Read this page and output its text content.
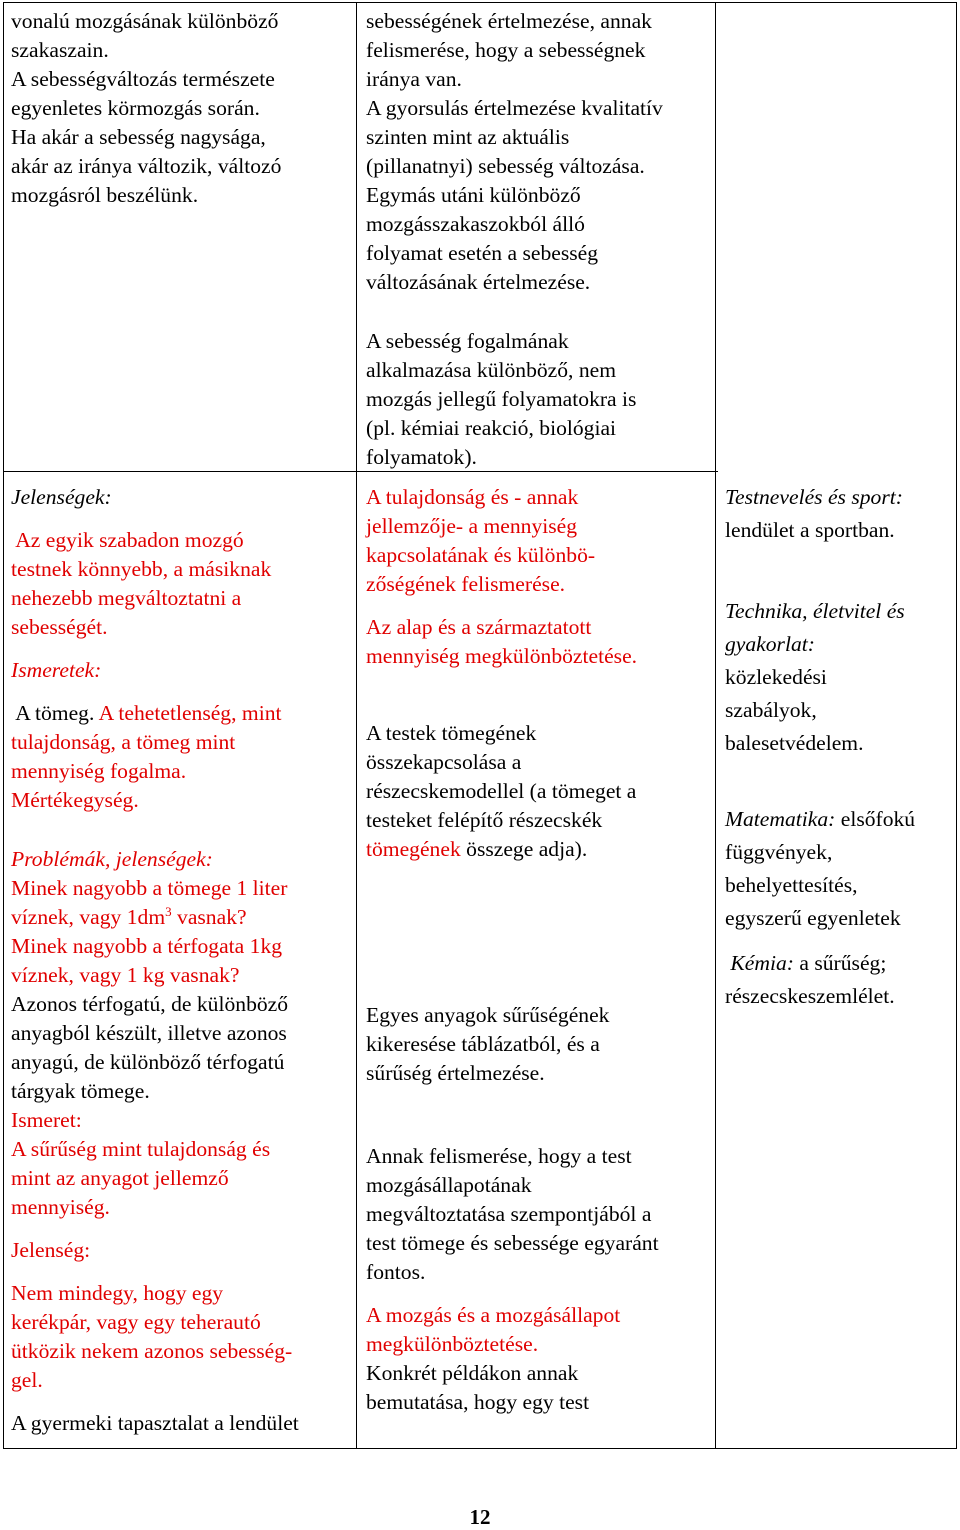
vonalú mozgásának különböző

szakaszain.

A sebességváltozás természete

egyenletes körmozgás során.

Ha akár a sebesség nagysága,

akár az iránya változik, változó

mozgásról beszélünk.

sebességének értelmezése, annak

felismerése, hogy a sebességnek

iránya van.

A gyorsulás értelmezése kvalitatív

szinten mint az aktuális

(pillanatnyi) sebesség változása.

Egymás utáni különböző

mozgásszakaszokból álló

folyamat esetén a sebesség

változásának értelmezése.

A sebesség fogalmának

alkalmazása különböző, nem

mozgás jellegű folyamatokra is

(pl. kémiai reakció, biológiai

folyamatok).

Jelenségek:

Az egyik szabadon mozgó

testnek könnyebb, a másiknak

nehezebb megváltoztatni a

sebességét.

Ismeretek:

A tömeg. A tehetetlenség, mint

tulajdonság, a tömeg mint

mennyiség fogalma.

Mértékegység.

Problémák, jelenségek:

Minek nagyobb a tömege 1 liter

víznek, vagy $1dm^3$ vasnak?

Minek nagyobb a térfogata 1kg

víznek, vagy 1 kg vasnak?

Azonos térfogatú, de különböző

anyagból készült, illetve azonos

anyagú, de különböző térfogatú

tárgyak tömege.

Ismeret:

A sűrűség mint tulajdonság és

mint az anyagot jellemző

mennyiség.

Jelenség:

Nem mindegy, hogy egy

kerékpár, vagy egy teherautó

ütközik nekem azonos sebesség-

gel.

A gyermeki tapasztalat a lendület

A tulajdonság és - annak

jellemzője- a mennyiség

kapcsolatának és különbö-

zőségének felismerése.

Az alap és a származtatott

mennyiség megkülönböztetése.

A testek tömegének

összekapcsolása a

részecskemodellel (a tömeget a

testeket felépítő részecskék

tömegének összege adja).

Egyes anyagok sűrűségének

kikeresése táblázatból, és a

sűrűség értelmezése.

Annak felismerése, hogy a test

mozgásállapotának

megváltoztatása szempontjából a

test tömege és sebessége egyaránt

fontos.

A mozgás és a mozgásállapot

megkülönböztetése.

Konkrét példákon annak

bemutatása, hogy egy test

Testnevelés és sport:

lendület a sportban.

Technika, életvitel és

gyakorlat:

közlekedési

szabályok,

balesetvédelem.

Matematika: elsőfokú

függvények,

behelyettesítés,

egyszerű egyenletek

Kémia: a sűrűség;

részecskeszemlélet.

12
